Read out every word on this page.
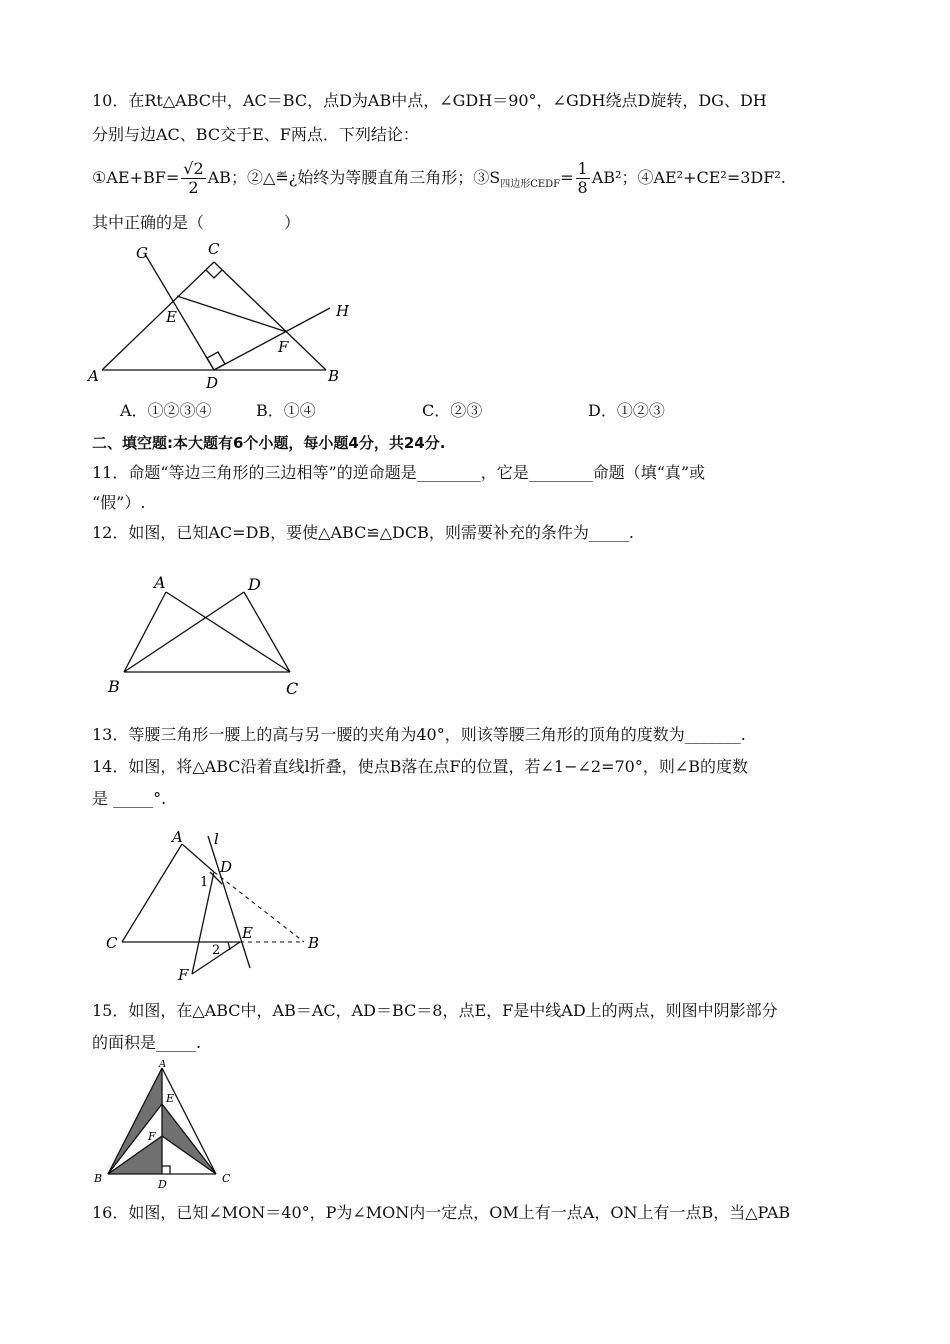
10．在Rt△ABC中，AC＝BC，点D为AB中点，∠GDH＝90°，∠GDH绕点D旋转，DG、DH
分别与边AC、BC交于E、F两点．下列结论：
①AE+BF= $\frac{√2}{2}$ AB；②△≝¿始终为等腰直角三角形；$③S_{四边形CEDF}= \frac{1}{8} AB^2$；④AE²+CE²=3DF².
其中正确的是（　　　　　）
G	C
H
E
F
A	D	B
A．①②③④	B．①④	C．②③	D．①②③
二、填空题:本大题有6个小题，每小题4分，共24分.
11．命题“等边三角形的三边相等”的逆命题是________，它是________命题（填“真”或
“假”）.
12．如图，已知AC=DB，要使△ABC≌△DCB，则需要补充的条件为_____.
A	D
B	C
13．等腰三角形一腰上的高与另一腰的夹角为40°，则该等腰三角形的顶角的度数为_______.
14．如图，将△ABC沿着直线l折叠，使点B落在点F的位置，若∠1−∠2=70°，则∠B的度数
是 _____°.
A l
D
1
C
E
B
2
F
15．如图，在△ABC中，AB＝AC，AD＝BC＝8，点E，F是中线AD上的两点，则图中阴影部分
的面积是_____.
A
E
F
B	D	C
16．如图，已知∠MON＝40°，P为∠MON内一定点，OM上有一点A，ON上有一点B，当△PAB
